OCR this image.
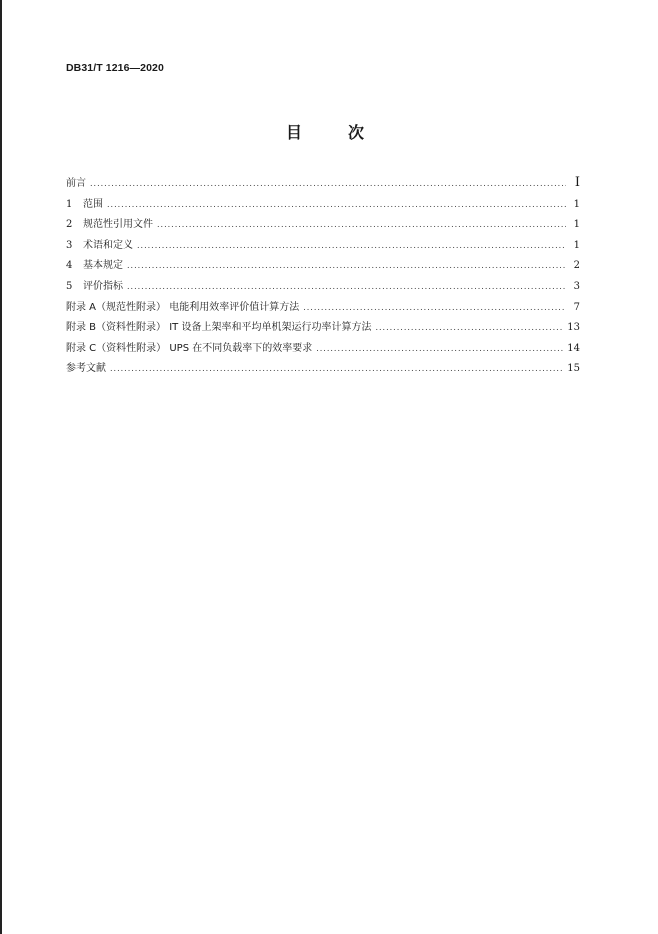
DB31/T 1216—2020
目	次
前言 .....	I
1 范围 .....	1
2 规范性引用文件 .....	1
3 术语和定义 .....	1
4 基本规定 .....	2
5 评价指标 .....	3
附录 A（规范性附录） 电能利用效率评价值计算方法 .....	7
附录 B（资料性附录） IT 设备上架率和平均单机架运行功率计算方法 .....	13
附录 C（资料性附录） UPS 在不同负载率下的效率要求 .....	14
参考文献 .....	15
